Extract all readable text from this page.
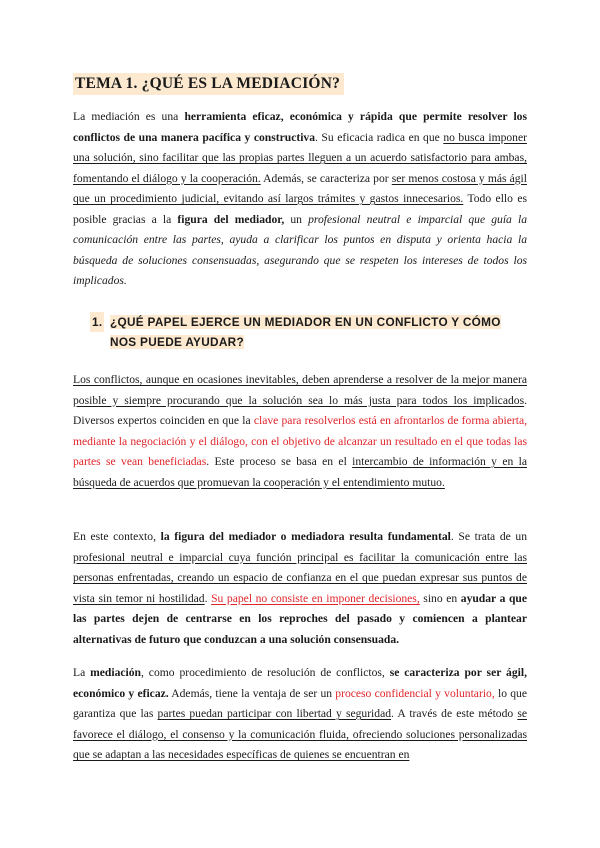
TEMA 1. ¿QUÉ ES LA MEDIACIÓN?

La mediación es una herramienta eficaz, económica y rápida que permite resolver los conflictos de una manera pacífica y constructiva. Su eficacia radica en que no busca imponer una solución, sino facilitar que las propias partes lleguen a un acuerdo satisfactorio para ambas, fomentando el diálogo y la cooperación. Además, se caracteriza por ser menos costosa y más ágil que un procedimiento judicial, evitando así largos trámites y gastos innecesarios. Todo ello es posible gracias a la figura del mediador, un profesional neutral e imparcial que guía la comunicación entre las partes, ayuda a clarificar los puntos en disputa y orienta hacia la búsqueda de soluciones consensuadas, asegurando que se respeten los intereses de todos los implicados.

1. ¿QUÉ PAPEL EJERCE UN MEDIADOR EN UN CONFLICTO Y CÓMO NOS PUEDE AYUDAR?

Los conflictos, aunque en ocasiones inevitables, deben aprenderse a resolver de la mejor manera posible y siempre procurando que la solución sea lo más justa para todos los implicados. Diversos expertos coinciden en que la clave para resolverlos está en afrontarlos de forma abierta, mediante la negociación y el diálogo, con el objetivo de alcanzar un resultado en el que todas las partes se vean beneficiadas. Este proceso se basa en el intercambio de información y en la búsqueda de acuerdos que promuevan la cooperación y el entendimiento mutuo.

En este contexto, la figura del mediador o mediadora resulta fundamental. Se trata de un profesional neutral e imparcial cuya función principal es facilitar la comunicación entre las personas enfrentadas, creando un espacio de confianza en el que puedan expresar sus puntos de vista sin temor ni hostilidad. Su papel no consiste en imponer decisiones, sino en ayudar a que las partes dejen de centrarse en los reproches del pasado y comiencen a plantear alternativas de futuro que conduzcan a una solución consensuada.

La mediación, como procedimiento de resolución de conflictos, se caracteriza por ser ágil, económico y eficaz. Además, tiene la ventaja de ser un proceso confidencial y voluntario, lo que garantiza que las partes puedan participar con libertad y seguridad. A través de este método se favorece el diálogo, el consenso y la comunicación fluida, ofreciendo soluciones personalizadas que se adaptan a las necesidades específicas de quienes se encuentran en
